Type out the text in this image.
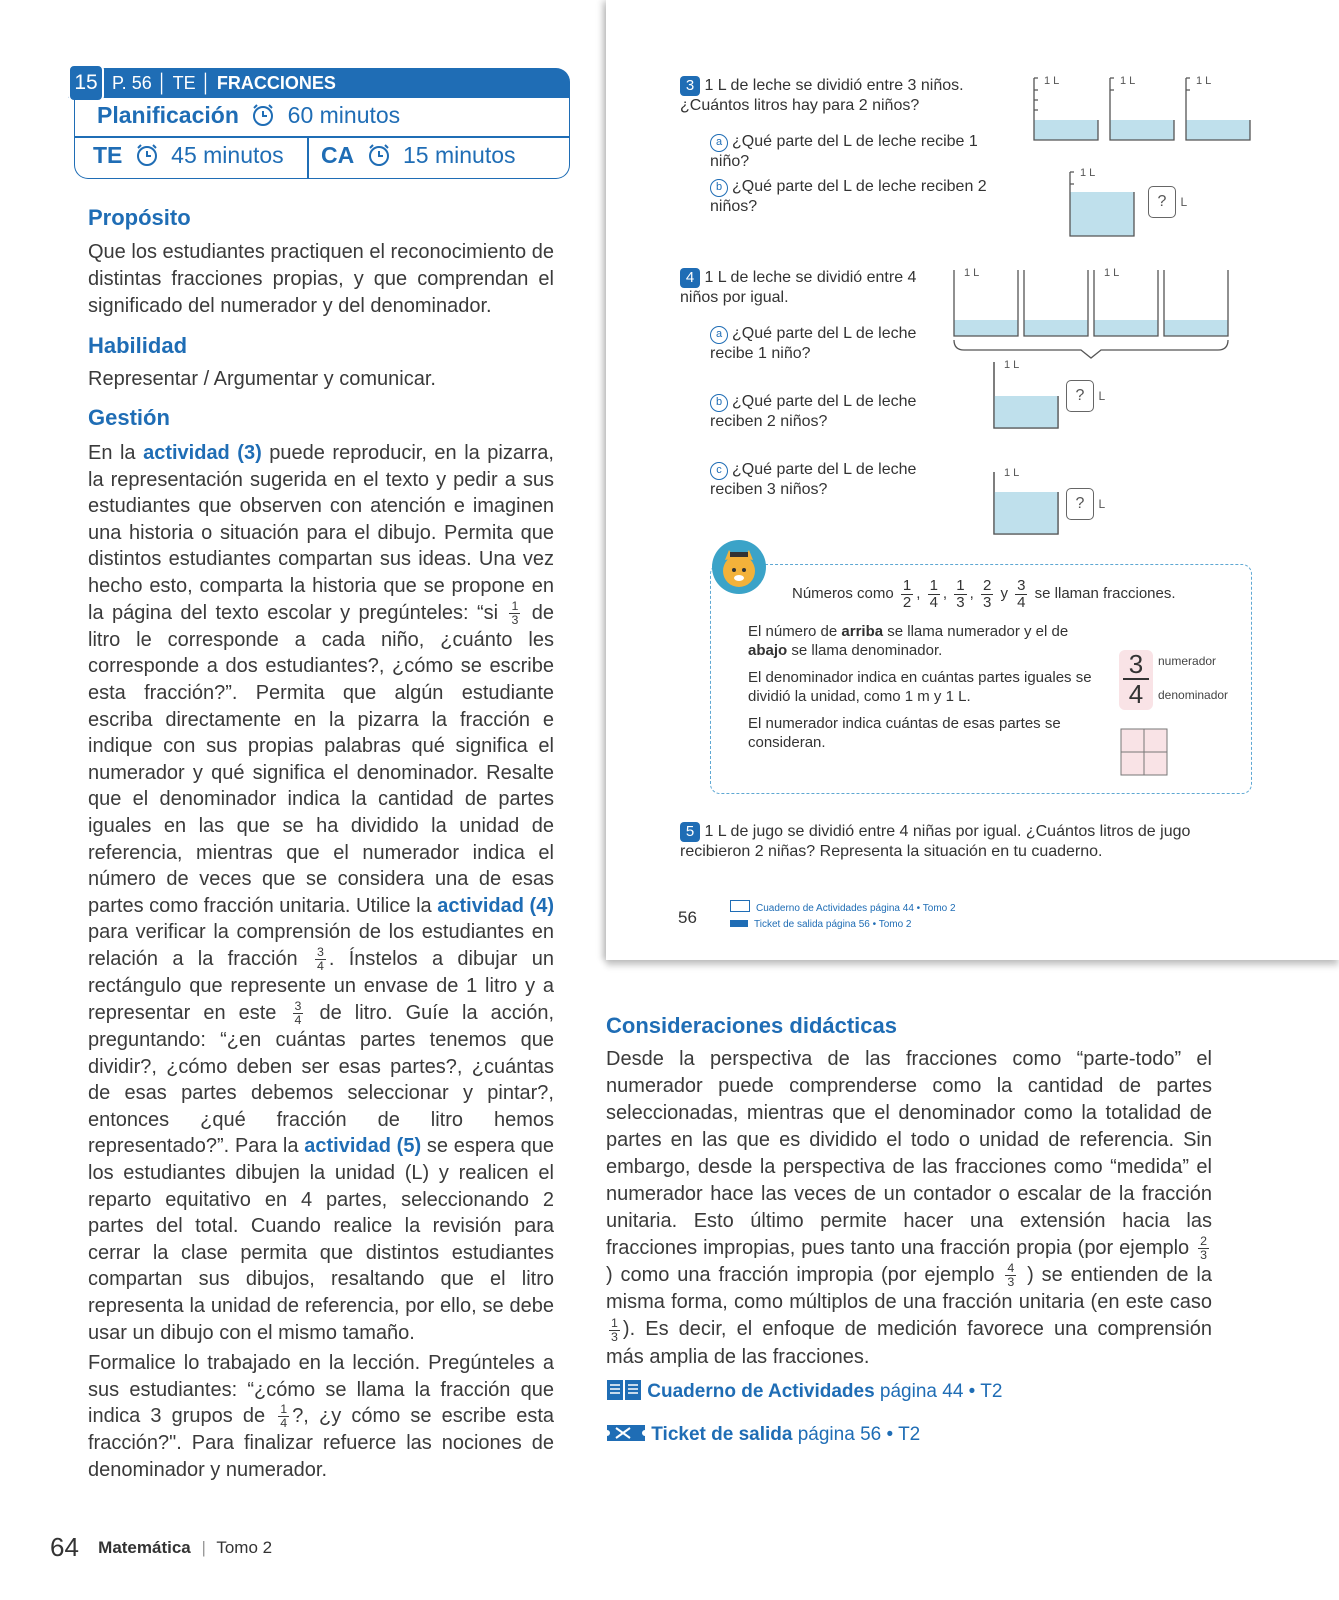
P. 56 │ TE │ FRACCIONES
15
Planificación 60 minutos
TE 45 minutos CA 15 minutos
Propósito
Que los estudiantes practiquen el reconocimiento de distintas fracciones propias, y que comprendan el significado del numerador y del denominador.
Habilidad
Representar / Argumentar y comunicar.
Gestión
En la actividad (3) puede reproducir, en la pizarra, la representación sugerida en el texto y pedir a sus estudiantes que observen con atención e imaginen una historia o situación para el dibujo. Permita que distintos estudiantes compartan sus ideas. Una vez hecho esto, comparta la historia que se propone en la página del texto escolar y pregúnteles: “si $\frac{1}{3}$ de litro le corresponde a cada niño, ¿cuánto les corresponde a dos estudiantes?, ¿cómo se escribe esta fracción?”. Permita que algún estudiante escriba directamente en la pizarra la fracción e indique con sus propias palabras qué significa el numerador y qué significa el denominador. Resalte que el denominador indica la cantidad de partes iguales en las que se ha dividido la unidad de referencia, mientras que el numerador indica el número de veces que se considera una de esas partes como fracción unitaria. Utilice la actividad (4) para verificar la comprensión de los estudiantes en relación a la fracción $\frac{3}{4}$ . Ínstelos a dibujar un rectángulo que represente un envase de 1 litro y a representar en este $\frac{3}{4}$ de litro. Guíe la acción, preguntando: “¿en cuántas partes tenemos que dividir?, ¿cómo deben ser esas partes?, ¿cuántas de esas partes debemos seleccionar y pintar?, entonces ¿qué fracción de litro hemos representado?”. Para la actividad (5) se espera que los estudiantes dibujen la unidad (L) y realicen el reparto equitativo en 4 partes, seleccionando 2 partes del total. Cuando realice la revisión para cerrar la clase permita que distintos estudiantes compartan sus dibujos, resaltando que el litro representa la unidad de referencia, por ello, se debe usar un dibujo con el mismo tamaño.
Formalice lo trabajado en la lección. Pregúnteles a sus estudiantes: “¿cómo se llama la fracción que indica 3 grupos de $\frac{1}{4}$ ?, ¿y cómo se escribe esta fracción?". Para finalizar refuerce las nociones de denominador y numerador.
64 Matemática | Tomo 2
3 1 L de leche se dividió entre 3 niños. ¿Cuántos litros hay para 2 niños?
a ¿Qué parte del L de leche recibe 1 niño?
b ¿Qué parte del L de leche reciben 2 niños?
1 L	1 L	1 L
1 L
? L
4 1 L de leche se dividió entre 4 niños por igual.
a ¿Qué parte del L de leche recibe 1 niño?
b ¿Qué parte del L de leche reciben 2 niños?
c ¿Qué parte del L de leche reciben 3 niños?
1 L	1 L
1 L
1 L
? L
? L
Números como $\frac{1}{2}$ , $\frac{1}{4}$ , $\frac{1}{3}$ , $\frac{2}{3}$ y $\frac{3}{4}$ se llaman fracciones.
El número de arriba se llama numerador y el de abajo se llama denominador.
El denominador indica en cuántas partes iguales se dividió la unidad, como 1 m y 1 L.
El numerador indica cuántas de esas partes se consideran.
3
4
numerador
denominador
5 1 L de jugo se dividió entre 4 niñas por igual. ¿Cuántos litros de jugo recibieron 2 niñas? Representa la situación en tu cuaderno.
56	Cuaderno de Actividades página 44 • Tomo 2
Ticket de salida página 56 • Tomo 2
Consideraciones didácticas
Desde la perspectiva de las fracciones como “parte-todo” el numerador puede comprenderse como la cantidad de partes seleccionadas, mientras que el denominador como la totalidad de partes en las que es dividido el todo o unidad de referencia. Sin embargo, desde la perspectiva de las fracciones como “medida” el numerador hace las veces de un contador o escalar de la fracción unitaria. Esto último permite hacer una extensión hacia las fracciones impropias, pues tanto una fracción propia (por ejemplo $\frac{2}{3}$
) como una fracción impropia (por ejemplo $\frac{4}{3}$ ) se entienden de la misma forma, como múltiplos de una fracción unitaria (en este caso
$\frac{1}{3}$ ). Es decir, el enfoque de medición favorece una comprensión más amplia de las fracciones.
Cuaderno de Actividades página 44 • T2
Ticket de salida página 56 • T2
